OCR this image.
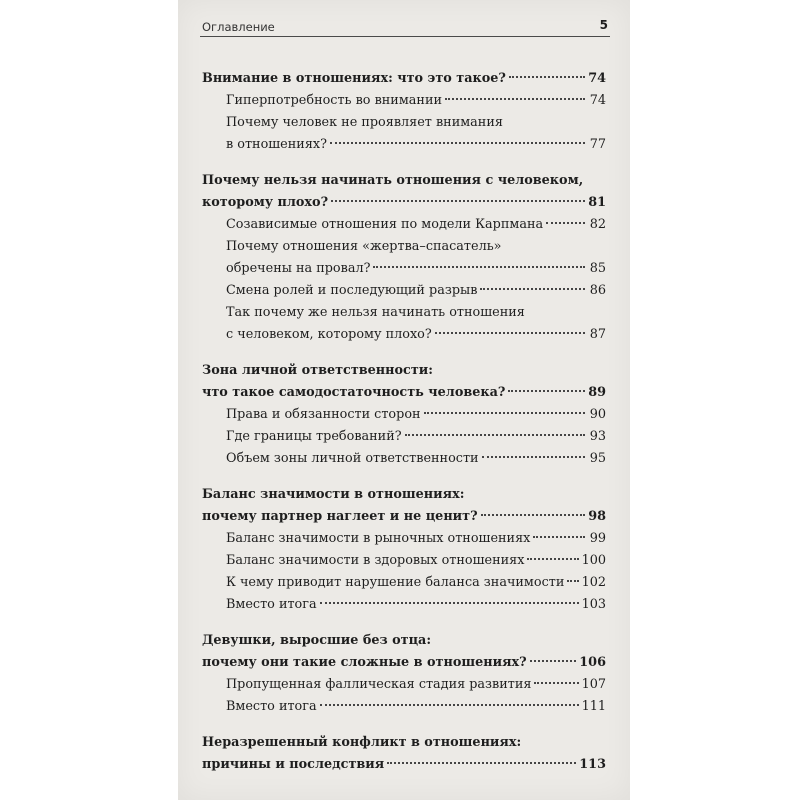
Оглавление	5
Внимание в отношениях: что это такое?	74
Гиперпотребность во внимании	74
Почему человек не проявляет внимания
в отношениях?	77
Почему нельзя начинать отношения с человеком,
которому плохо?	81
Созависимые отношения по модели Карпмана	82
Почему отношения «жертва–спасатель»
обречены на провал?	85
Смена ролей и последующий разрыв	86
Так почему же нельзя начинать отношения
с человеком, которому плохо?	87
Зона личной ответственности:
что такое самодостаточность человека?	89
Права и обязанности сторон	90
Где границы требований?	93
Объем зоны личной ответственности	95
Баланс значимости в отношениях:
почему партнер наглеет и не ценит?	98
Баланс значимости в рыночных отношениях	99
Баланс значимости в здоровых отношениях	100
К чему приводит нарушение баланса значимости 102
Вместо итога	103
Девушки, выросшие без отца:
почему они такие сложные в отношениях?	106
Пропущенная фаллическая стадия развития	107
Вместо итога	111
Неразрешенный конфликт в отношениях:
причины и последствия	113
